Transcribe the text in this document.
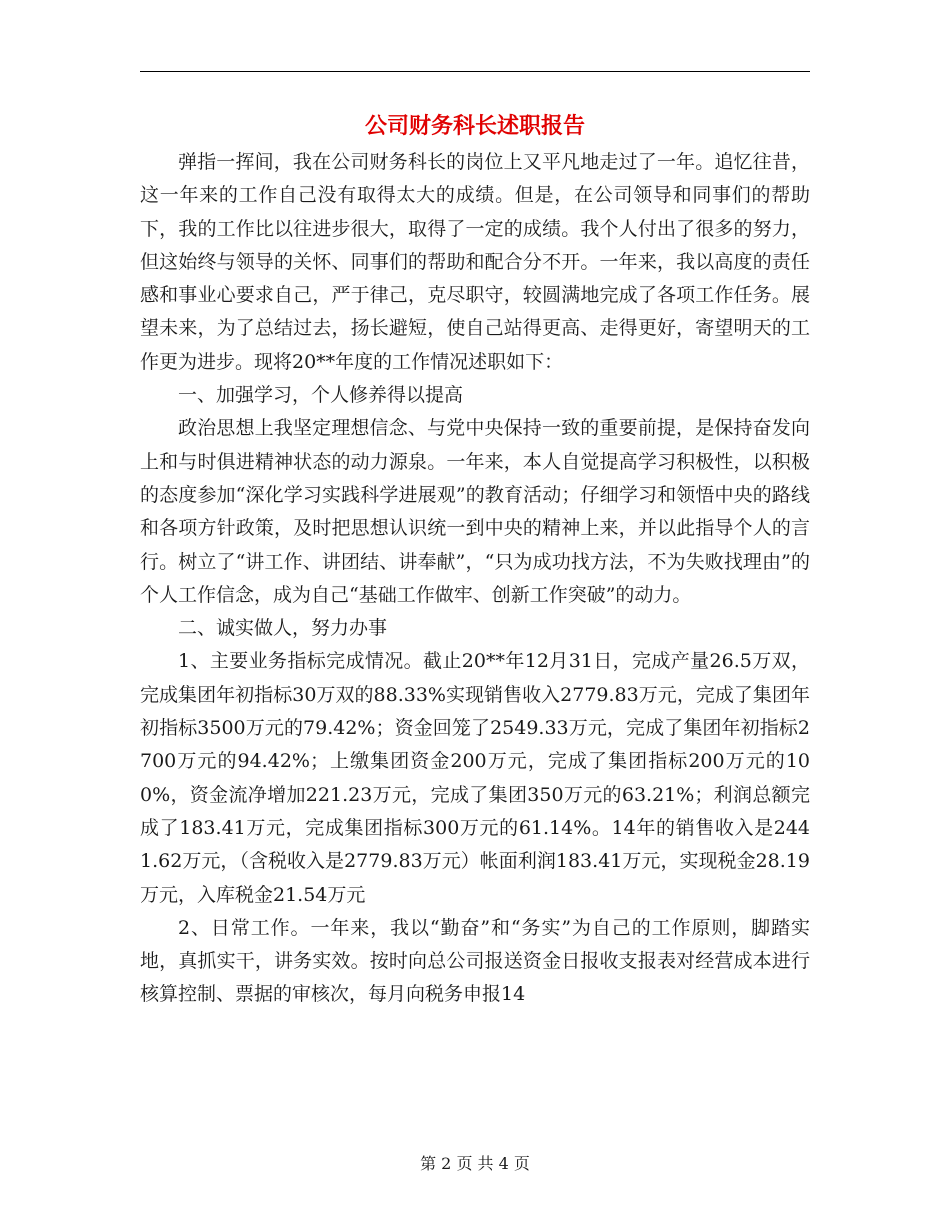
公司财务科长述职报告

弹指一挥间，我在公司财务科长的岗位上又平凡地走过了一年。追忆往昔，这一年来的工作自己没有取得太大的成绩。但是，在公司领导和同事们的帮助下，我的工作比以往进步很大，取得了一定的成绩。我个人付出了很多的努力，但这始终与领导的关怀、同事们的帮助和配合分不开。一年来，我以高度的责任感和事业心要求自己，严于律己，克尽职守，较圆满地完成了各项工作任务。展望未来，为了总结过去，扬长避短，使自己站得更高、走得更好，寄望明天的工作更为进步。现将20**年度的工作情况述职如下：

一、加强学习，个人修养得以提高

政治思想上我坚定理想信念、与党中央保持一致的重要前提，是保持奋发向上和与时俱进精神状态的动力源泉。一年来，本人自觉提高学习积极性，以积极的态度参加“深化学习实践科学进展观”的教育活动；仔细学习和领悟中央的路线和各项方针政策，及时把思想认识统一到中央的精神上来，并以此指导个人的言行。树立了“讲工作、讲团结、讲奉献”，“只为成功找方法，不为失败找理由”的个人工作信念，成为自己“基础工作做牢、创新工作突破”的动力。

二、诚实做人，努力办事

1、主要业务指标完成情况。截止20**年12月31日，完成产量26.5万双，完成集团年初指标30万双的88.33%实现销售收入2779.83万元，完成了集团年初指标3500万元的79.42%；资金回笼了2549.33万元，完成了集团年初指标2700万元的94.42%；上缴集团资金200万元，完成了集团指标200万元的100%，资金流净增加221.23万元，完成了集团350万元的63.21%；利润总额完成了183.41万元，完成集团指标300万元的61.14%。14年的销售收入是2441.62万元，（含税收入是2779.83万元）帐面利润183.41万元，实现税金28.19万元，入库税金21.54万元

2、日常工作。一年来，我以“勤奋”和“务实”为自己的工作原则，脚踏实地，真抓实干，讲务实效。按时向总公司报送资金日报收支报表对经营成本进行核算控制、票据的审核次，每月向税务申报14

第 2 页 共 4 页
